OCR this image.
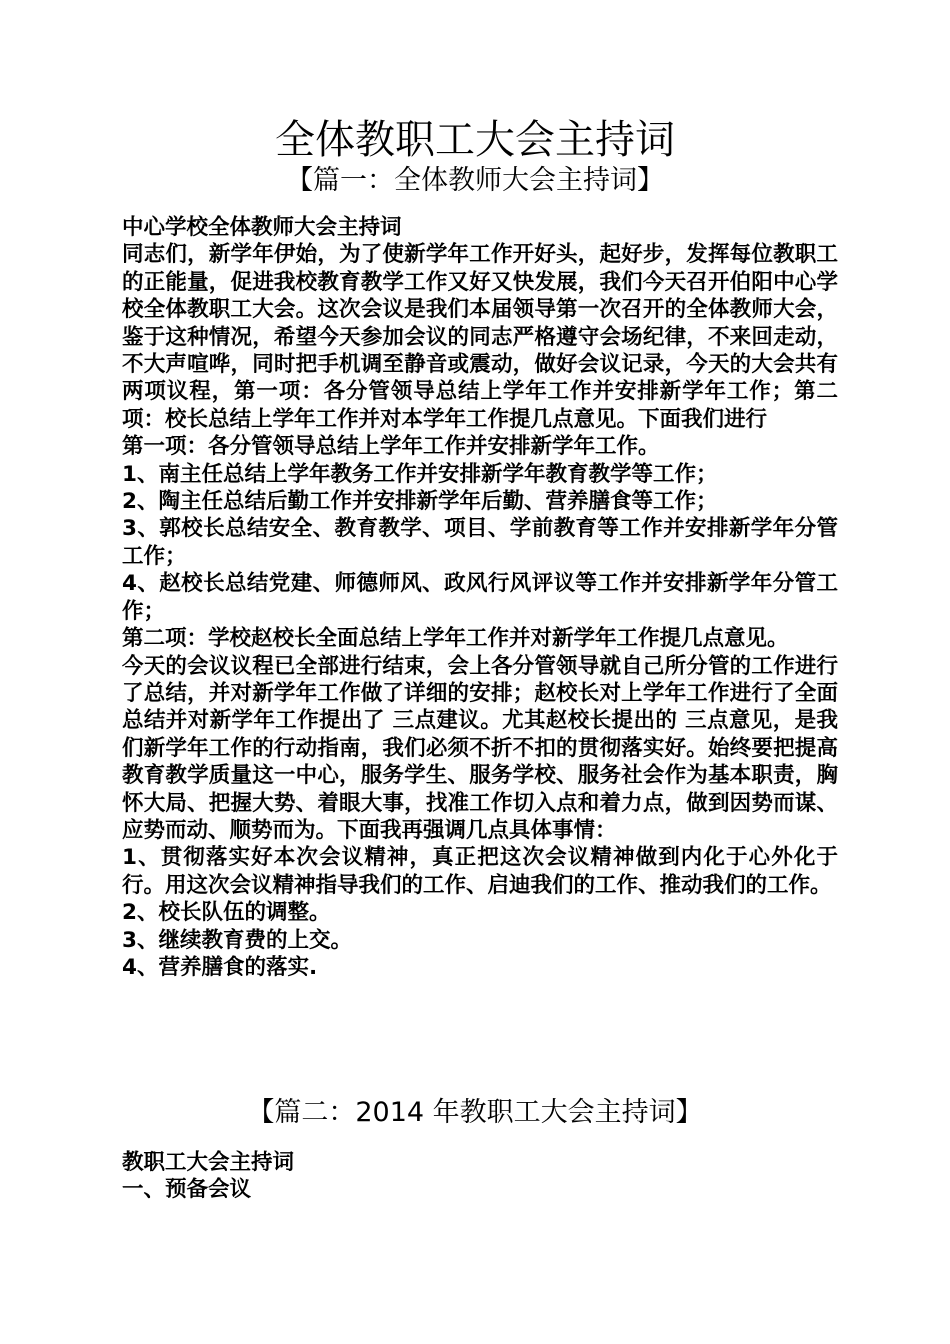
全体教职工大会主持词
【篇一：全体教师大会主持词】

中心学校全体教师大会主持词

同志们，新学年伊始，为了使新学年工作开好头，起好步，发挥每位教职工的正能量，促进我校教育教学工作又好又快发展，我们今天召开伯阳中心学校全体教职工大会。这次会议是我们本届领导第一次召开的全体教师大会，鉴于这种情况，希望今天参加会议的同志严格遵守会场纪律，不来回走动，不大声喧哗，同时把手机调至静音或震动，做好会议记录，今天的大会共有两项议程，第一项：各分管领导总结上学年工作并安排新学年工作；第二项：校长总结上学年工作并对本学年工作提几点意见。下面我们进行

第一项：各分管领导总结上学年工作并安排新学年工作。

1、南主任总结上学年教务工作并安排新学年教育教学等工作；

2、陶主任总结后勤工作并安排新学年后勤、营养膳食等工作；

3、郭校长总结安全、教育教学、项目、学前教育等工作并安排新学年分管工作；

4、赵校长总结党建、师德师风、政风行风评议等工作并安排新学年分管工作；

第二项：学校赵校长全面总结上学年工作并对新学年工作提几点意见。

今天的会议议程已全部进行结束，会上各分管领导就自己所分管的工作进行了总结，并对新学年工作做了详细的安排；赵校长对上学年工作进行了全面总结并对新学年工作提出了 三点建议。尤其赵校长提出的 三点意见，是我们新学年工作的行动指南，我们必须不折不扣的贯彻落实好。始终要把提高教育教学质量这一中心，服务学生、服务学校、服务社会作为基本职责，胸怀大局、把握大势、着眼大事，找准工作切入点和着力点，做到因势而谋、应势而动、顺势而为。下面我再强调几点具体事情：

1、贯彻落实好本次会议精神，真正把这次会议精神做到内化于心外化于行。用这次会议精神指导我们的工作、启迪我们的工作、推动我们的工作。

2、校长队伍的调整。

3、继续教育费的上交。

4、营养膳食的落实.

【篇二：2014 年教职工大会主持词】

教职工大会主持词

一、预备会议
